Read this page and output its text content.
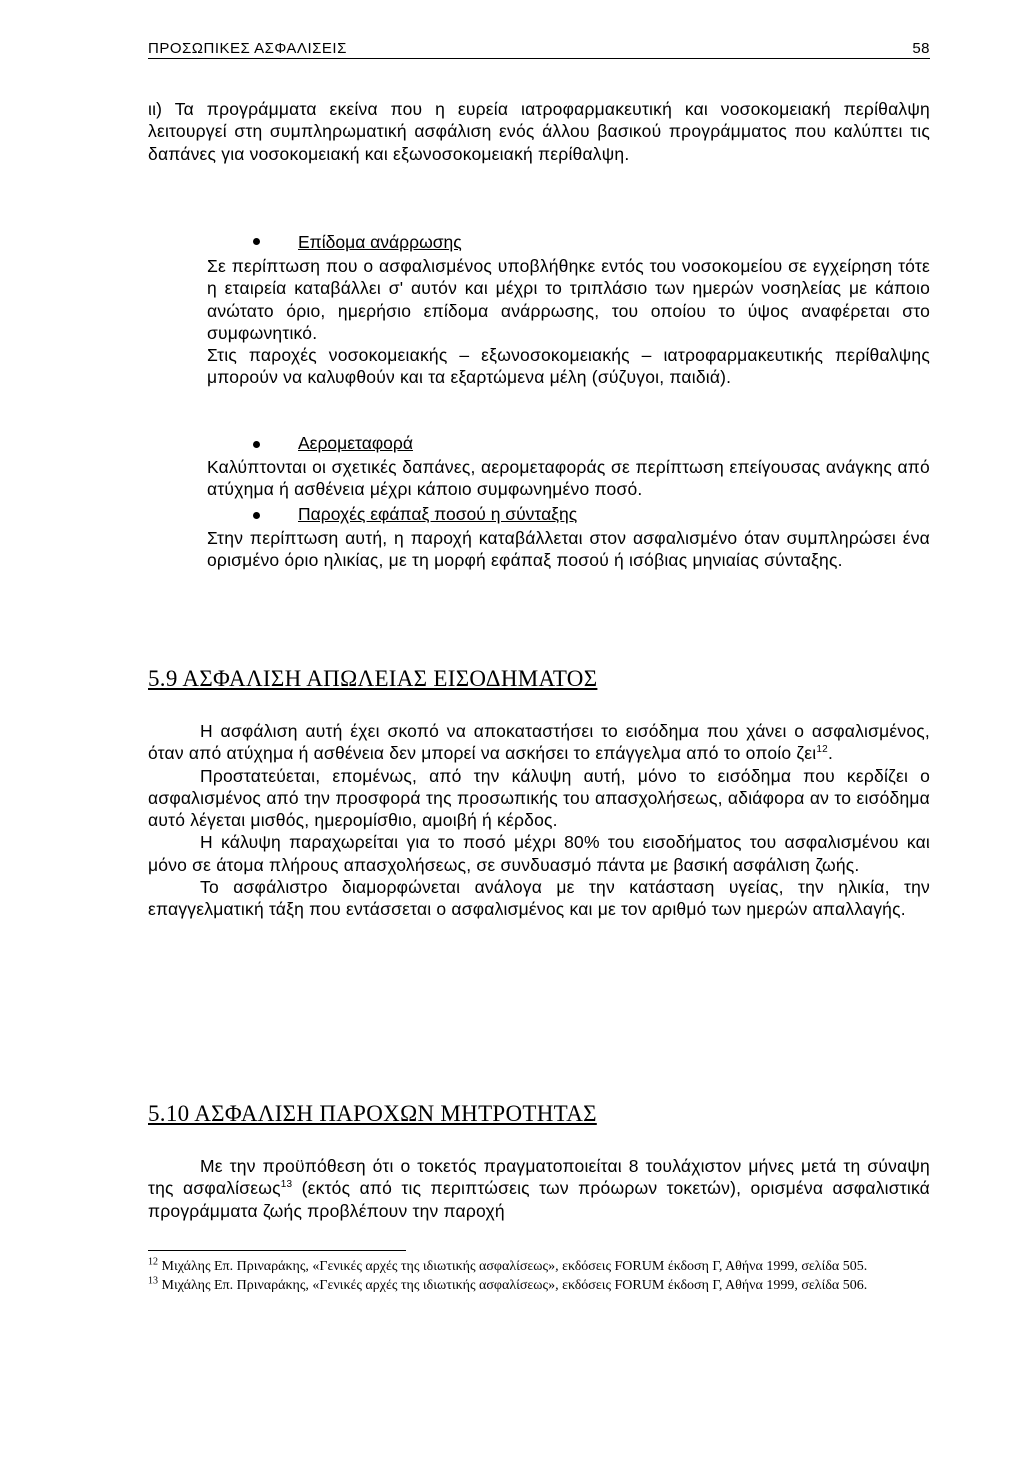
ΠΡΟΣΩΠΙΚΕΣ ΑΣΦΑΛΙΣΕΙΣ	58

ιι) Τα προγράμματα εκείνα που η ευρεία ιατροφαρμακευτική και νοσοκομειακή περίθαλψη λειτουργεί στη συμπληρωματική ασφάλιση ενός άλλου βασικού προγράμματος που καλύπτει τις δαπάνες για νοσοκομειακή και εξωνοσοκομειακή περίθαλψη.

Επίδομα ανάρρωσης

Σε περίπτωση που ο ασφαλισμένος υποβλήθηκε εντός του νοσοκομείου σε εγχείρηση τότε η εταιρεία καταβάλλει σ' αυτόν και μέχρι το τριπλάσιο των ημερών νοσηλείας με κάποιο ανώτατο όριο, ημερήσιο επίδομα ανάρρωσης, του οποίου το ύψος αναφέρεται στο συμφωνητικό.

Στις παροχές νοσοκομειακής – εξωνοσοκομειακής – ιατροφαρμακευτικής περίθαλψης μπορούν να καλυφθούν και τα εξαρτώμενα μέλη (σύζυγοι, παιδιά).

Αερομεταφορά

Καλύπτονται οι σχετικές δαπάνες, αερομεταφοράς σε περίπτωση επείγουσας ανάγκης από ατύχημα ή ασθένεια μέχρι κάποιο συμφωνημένο ποσό.

Παροχές εφάπαξ ποσού η σύνταξης

Στην περίπτωση αυτή, η παροχή καταβάλλεται στον ασφαλισμένο όταν συμπληρώσει ένα ορισμένο όριο ηλικίας, με τη μορφή εφάπαξ ποσού ή ισόβιας μηνιαίας σύνταξης.

5.9 ΑΣΦΑΛΙΣΗ ΑΠΩΛΕΙΑΣ ΕΙΣΟΔΗΜΑΤΟΣ

Η ασφάλιση αυτή έχει σκοπό να αποκαταστήσει το εισόδημα που χάνει ο ασφαλισμένος, όταν από ατύχημα ή ασθένεια δεν μπορεί να ασκήσει το επάγγελμα από το οποίο ζει$^{12}$.

Προστατεύεται, επομένως, από την κάλυψη αυτή, μόνο το εισόδημα που κερδίζει ο ασφαλισμένος από την προσφορά της προσωπικής του απασχολήσεως, αδιάφορα αν το εισόδημα αυτό λέγεται μισθός, ημερομίσθιο, αμοιβή ή κέρδος.

Η κάλυψη παραχωρείται για το ποσό μέχρι 80% του εισοδήματος του ασφαλισμένου και μόνο σε άτομα πλήρους απασχολήσεως, σε συνδυασμό πάντα με βασική ασφάλιση ζωής.

Το ασφάλιστρο διαμορφώνεται ανάλογα με την κατάσταση υγείας, την ηλικία, την επαγγελματική τάξη που εντάσσεται ο ασφαλισμένος και με τον αριθμό των ημερών απαλλαγής.

5.10 ΑΣΦΑΛΙΣΗ ΠΑΡΟΧΩΝ ΜΗΤΡΟΤΗΤΑΣ

Με την προϋπόθεση ότι ο τοκετός πραγματοποιείται 8 τουλάχιστον μήνες μετά τη σύναψη της ασφαλίσεως$^{13}$ (εκτός από τις περιπτώσεις των πρόωρων τοκετών), ορισμένα ασφαλιστικά προγράμματα ζωής προβλέπουν την παροχή

$^{12}$ Μιχάλης Επ. Πριναράκης, «Γενικές αρχές της ιδιωτικής ασφαλίσεως», εκδόσεις FORUM έκδοση Γ, Αθήνα 1999, σελίδα 505.
$^{13}$ Μιχάλης Επ. Πριναράκης, «Γενικές αρχές της ιδιωτικής ασφαλίσεως», εκδόσεις FORUM έκδοση Γ, Αθήνα 1999, σελίδα 506.
